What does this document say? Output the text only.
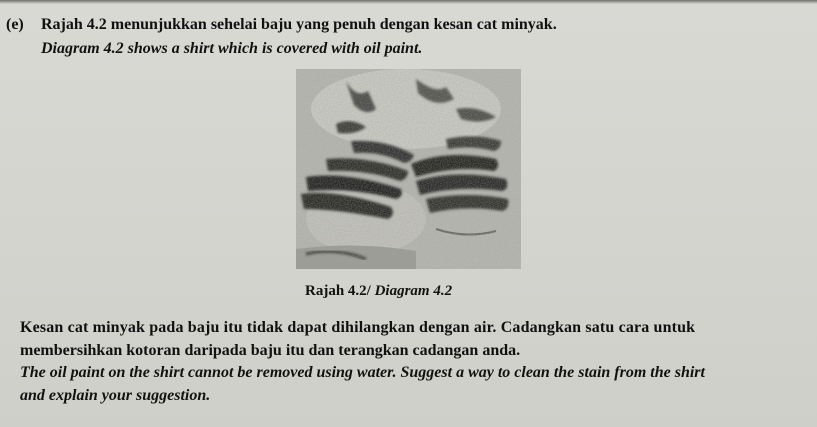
(e) Rajah 4.2 menunjukkan sehelai baju yang penuh dengan kesan cat minyak.
Diagram 4.2 shows a shirt which is covered with oil paint.
Rajah 4.2/ Diagram 4.2
Kesan cat minyak pada baju itu tidak dapat dihilangkan dengan air. Cadangkan satu cara untuk
membersihkan kotoran daripada baju itu dan terangkan cadangan anda.
The oil paint on the shirt cannot be removed using water. Suggest a way to clean the stain from the shirt
and explain your suggestion.
